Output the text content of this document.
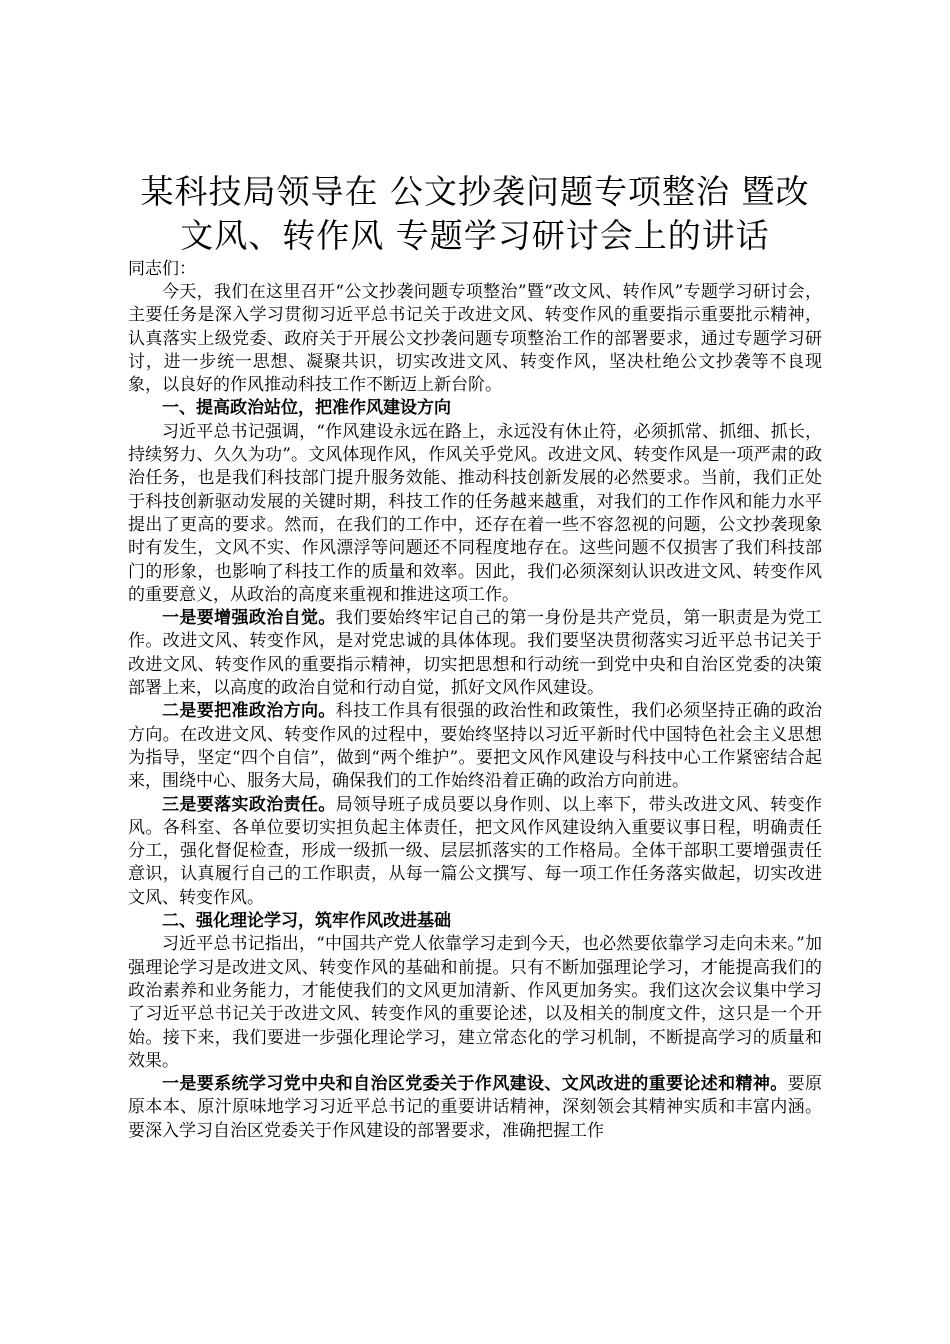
某科技局领导在 公文抄袭问题专项整治 暨改文风、转作风 专题学习研讨会上的讲话

同志们：

今天，我们在这里召开“公文抄袭问题专项整治”暨“改文风、转作风”专题学习研讨会，主要任务是深入学习贯彻习近平总书记关于改进文风、转变作风的重要指示重要批示精神，认真落实上级党委、政府关于开展公文抄袭问题专项整治工作的部署要求，通过专题学习研讨，进一步统一思想、凝聚共识，切实改进文风、转变作风，坚决杜绝公文抄袭等不良现象，以良好的作风推动科技工作不断迈上新台阶。

一、提高政治站位，把准作风建设方向

习近平总书记强调，“作风建设永远在路上，永远没有休止符，必须抓常、抓细、抓长，持续努力、久久为功”。文风体现作风，作风关乎党风。改进文风、转变作风是一项严肃的政治任务，也是我们科技部门提升服务效能、推动科技创新发展的必然要求。当前，我们正处于科技创新驱动发展的关键时期，科技工作的任务越来越重，对我们的工作作风和能力水平提出了更高的要求。然而，在我们的工作中，还存在着一些不容忽视的问题，公文抄袭现象时有发生，文风不实、作风漂浮等问题还不同程度地存在。这些问题不仅损害了我们科技部门的形象，也影响了科技工作的质量和效率。因此，我们必须深刻认识改进文风、转变作风的重要意义，从政治的高度来重视和推进这项工作。

一是要增强政治自觉。我们要始终牢记自己的第一身份是共产党员，第一职责是为党工作。改进文风、转变作风，是对党忠诚的具体体现。我们要坚决贯彻落实习近平总书记关于改进文风、转变作风的重要指示精神，切实把思想和行动统一到党中央和自治区党委的决策部署上来，以高度的政治自觉和行动自觉，抓好文风作风建设。

二是要把准政治方向。科技工作具有很强的政治性和政策性，我们必须坚持正确的政治方向。在改进文风、转变作风的过程中，要始终坚持以习近平新时代中国特色社会主义思想为指导，坚定“四个自信”，做到“两个维护”。要把文风作风建设与科技中心工作紧密结合起来，围绕中心、服务大局，确保我们的工作始终沿着正确的政治方向前进。

三是要落实政治责任。局领导班子成员要以身作则、以上率下，带头改进文风、转变作风。各科室、各单位要切实担负起主体责任，把文风作风建设纳入重要议事日程，明确责任分工，强化督促检查，形成一级抓一级、层层抓落实的工作格局。全体干部职工要增强责任意识，认真履行自己的工作职责，从每一篇公文撰写、每一项工作任务落实做起，切实改进文风、转变作风。

二、强化理论学习，筑牢作风改进基础

习近平总书记指出，“中国共产党人依靠学习走到今天，也必然要依靠学习走向未来。”加强理论学习是改进文风、转变作风的基础和前提。只有不断加强理论学习，才能提高我们的政治素养和业务能力，才能使我们的文风更加清新、作风更加务实。我们这次会议集中学习了习近平总书记关于改进文风、转变作风的重要论述，以及相关的制度文件，这只是一个开始。接下来，我们要进一步强化理论学习，建立常态化的学习机制，不断提高学习的质量和效果。

一是要系统学习党中央和自治区党委关于作风建设、文风改进的重要论述和精神。要原原本本、原汁原味地学习习近平总书记的重要讲话精神，深刻领会其精神实质和丰富内涵。要深入学习自治区党委关于作风建设的部署要求，准确把握工作
